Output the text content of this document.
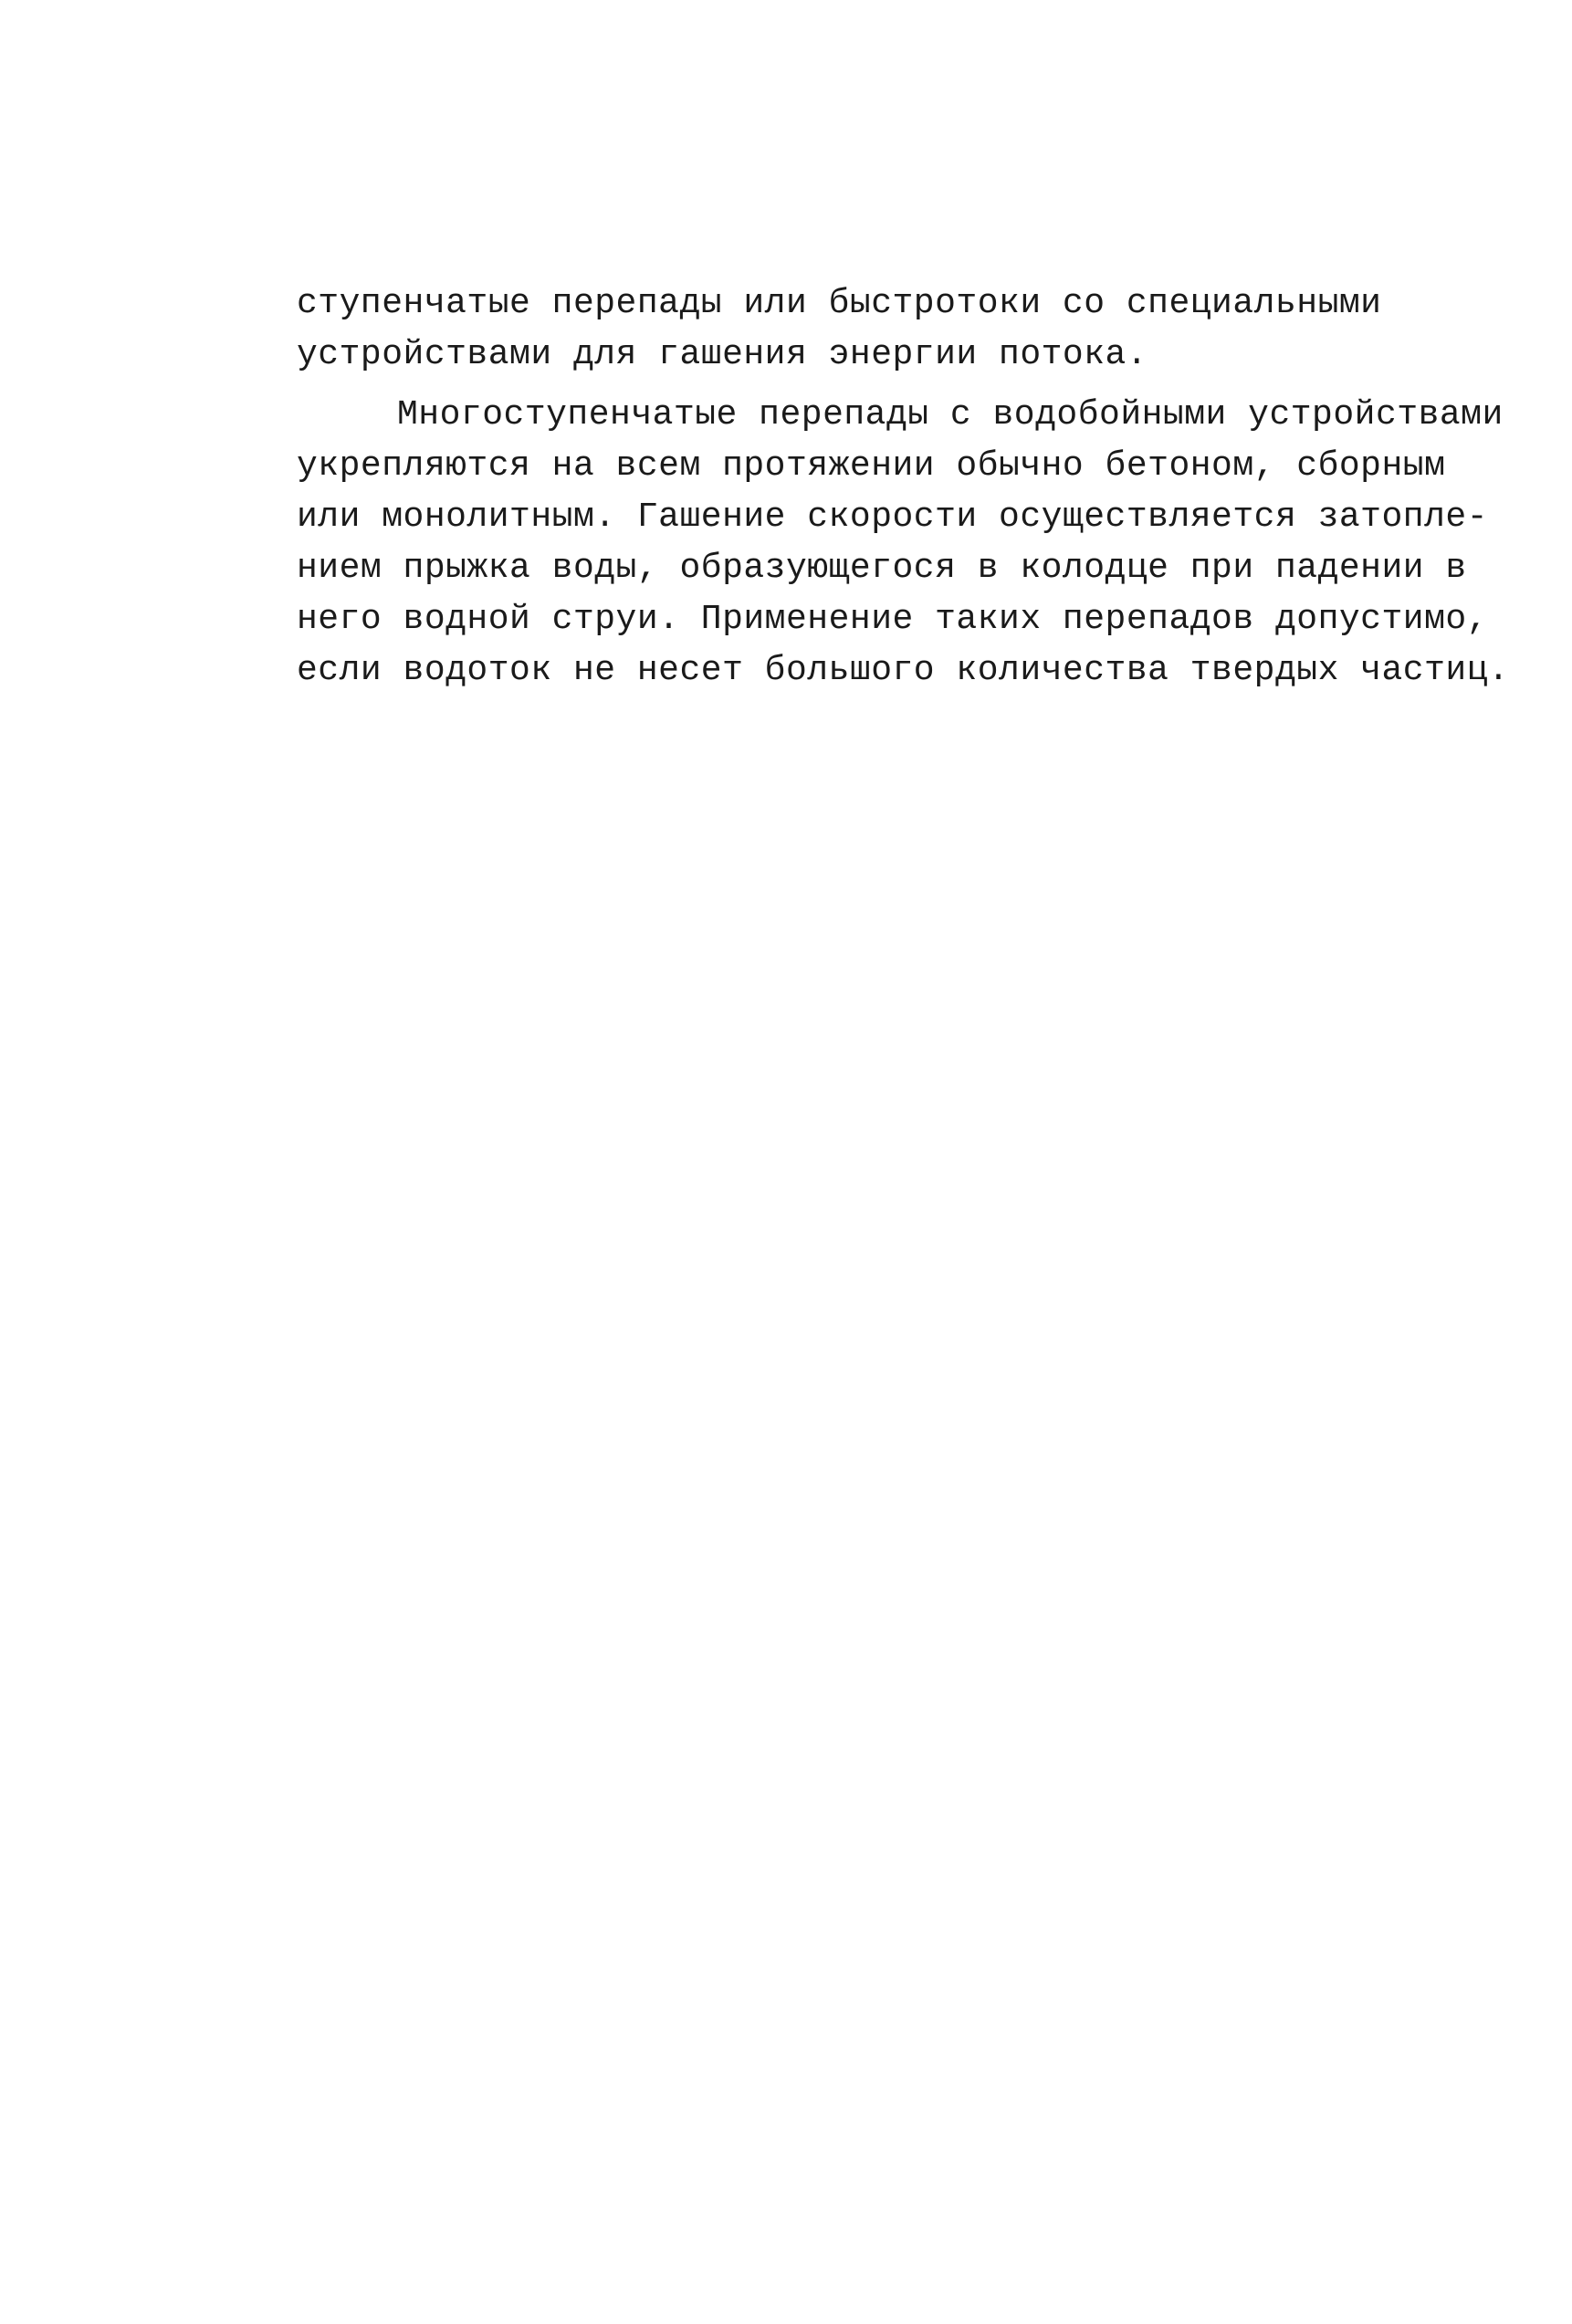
ступенчатые перепады или быстротоки со специальными
устройствами для гашения энергии потока.
Многоступенчатые перепады с водобойными устройствами
укрепляются на всем протяжении обычно бетоном, сборным
или монолитным. Гашение скорости осуществляется затопле-
нием прыжка воды, образующегося в колодце при падении в
него водной струи. Применение таких перепадов допустимо,
если водоток не несет большого количества твердых частиц.
